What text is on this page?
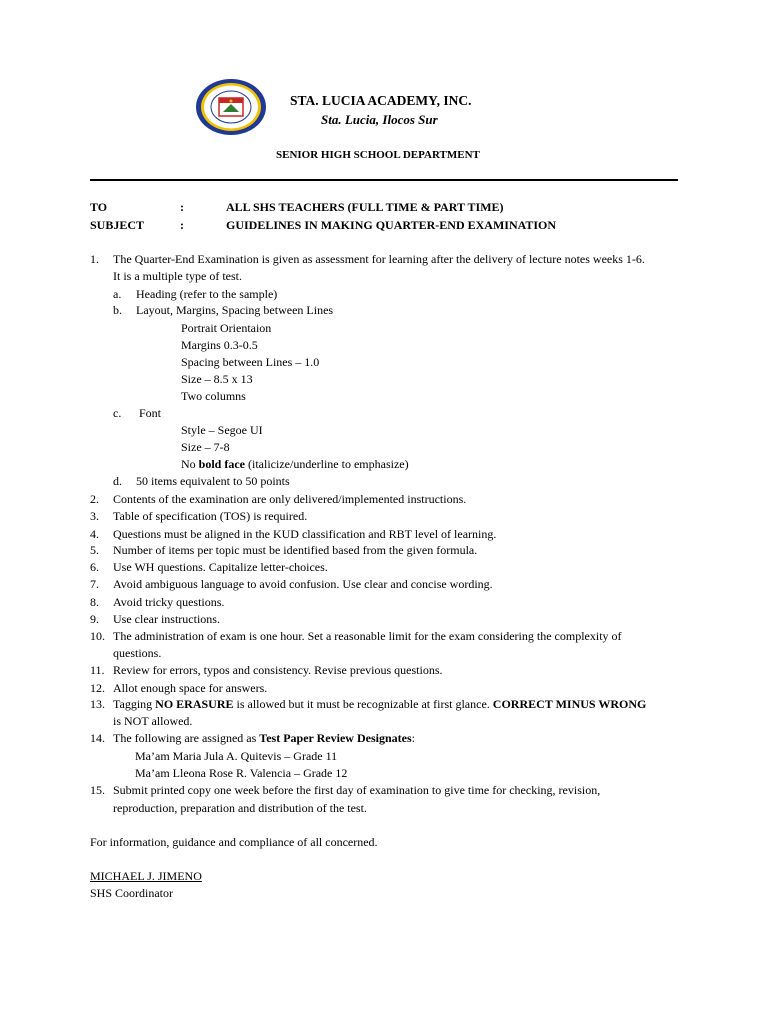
STA. LUCIA ACADEMY, INC.
Sta. Lucia, Ilocos Sur
SENIOR HIGH SCHOOL DEPARTMENT
TO	:	ALL SHS TEACHERS (FULL TIME & PART TIME)
SUBJECT	:	GUIDELINES IN MAKING QUARTER-END EXAMINATION
1. The Quarter-End Examination is given as assessment for learning after the delivery of lecture notes weeks 1-6.
It is a multiple type of test.
a. Heading (refer to the sample)
b. Layout, Margins, Spacing between Lines
Portrait Orientaion
Margins 0.3-0.5
Spacing between Lines – 1.0
Size – 8.5 x 13
Two columns
c. Font
Style – Segoe UI
Size – 7-8
No bold face (italicize/underline to emphasize)
d. 50 items equivalent to 50 points
2. Contents of the examination are only delivered/implemented instructions.
3. Table of specification (TOS) is required.
4. Questions must be aligned in the KUD classification and RBT level of learning.
5. Number of items per topic must be identified based from the given formula.
6. Use WH questions. Capitalize letter-choices.
7. Avoid ambiguous language to avoid confusion. Use clear and concise wording.
8. Avoid tricky questions.
9. Use clear instructions.
10. The administration of exam is one hour. Set a reasonable limit for the exam considering the complexity of
questions.
11. Review for errors, typos and consistency. Revise previous questions.
12. Allot enough space for answers.
13. Tagging NO ERASURE is allowed but it must be recognizable at first glance. CORRECT MINUS WRONG
is NOT allowed.
14. The following are assigned as Test Paper Review Designates:
Ma’am Maria Jula A. Quitevis – Grade 11
Ma’am Lleona Rose R. Valencia – Grade 12
15. Submit printed copy one week before the first day of examination to give time for checking, revision,
reproduction, preparation and distribution of the test.
For information, guidance and compliance of all concerned.
MICHAEL J. JIMENO
SHS Coordinator
